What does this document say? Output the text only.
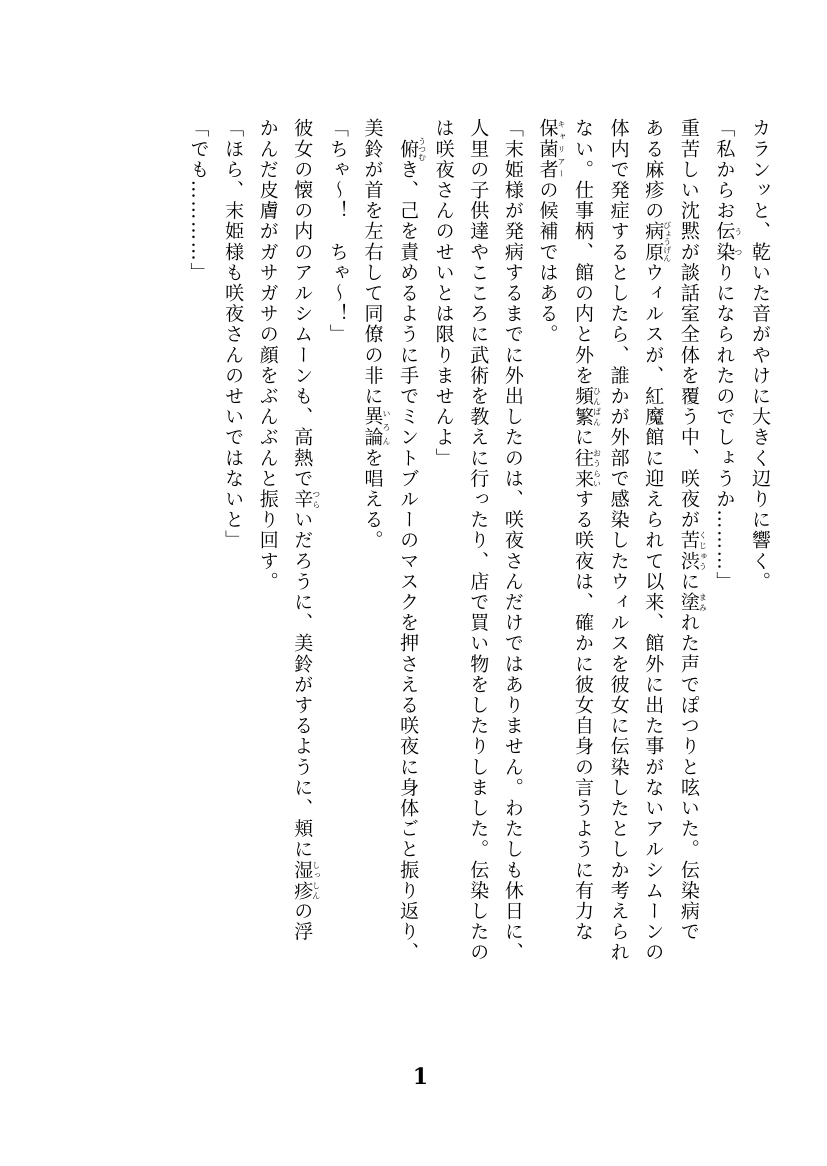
カランッと、乾いた音がやけに大きく辺りに響く。
「私からお伝染うつりになられたのでしょうか………」
重苦しい沈黙が談話室全体を覆う中、咲夜が苦渋くじゅうに塗まみれた声でぽつりと呟いた。伝染病で
ある麻疹の病原びょうげんウィルスが、紅魔館に迎えられて以来、館外に出た事がないアルシムーンの
体内で発症するとしたら、誰かが外部で感染したウィルスを彼女に伝染したとしか考えられ
ない。仕事柄、館の内と外を頻繁ひんぱんに往来おうらいする咲夜は、確かに彼女自身の言うように有力な
保菌者キャリアーの候補ではある。
「末姫様が発病するまでに外出したのは、咲夜さんだけではありません。わたしも休日に、
人里の子供達やこころに武術を教えに行ったり、店で買い物をしたりしました。伝染したの
は咲夜さんのせいとは限りませんよ」
　俯うつむき、己を責めるように手でミントブルーのマスクを押さえる咲夜に身体ごと振り返り、
美鈴が首を左右して同僚の非に異論いろんを唱える。
「ちゃ〜！　ちゃ〜！」
彼女の懐の内のアルシムーンも、高熱で辛つらいだろうに、美鈴がするように、頬に湿疹しっしんの浮
かんだ皮膚がガサガサの顔をぶんぶんと振り回す。
「ほら、末姫様も咲夜さんのせいではないと」
「でも…………」
1
